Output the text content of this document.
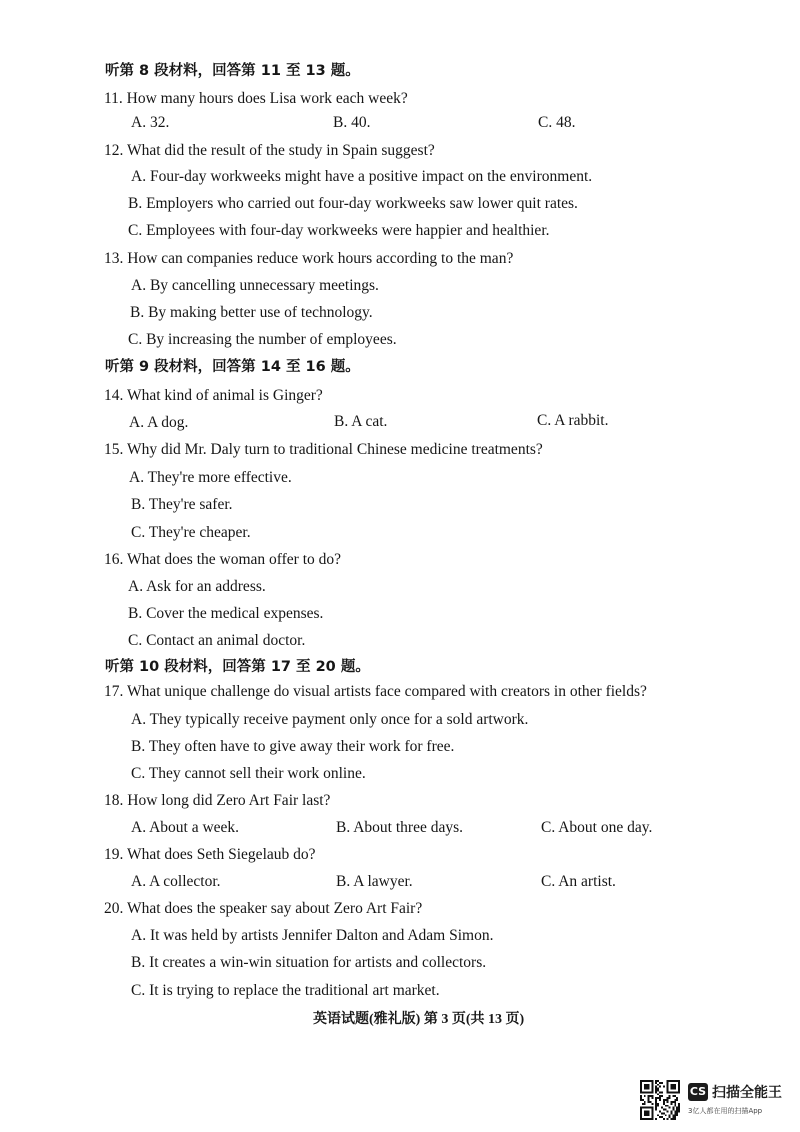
听第 8 段材料，回答第 11 至 13 题。
11. How many hours does Lisa work each week?
A. 32.	B. 40.	C. 48.
12. What did the result of the study in Spain suggest?
A. Four-day workweeks might have a positive impact on the environment.
B. Employers who carried out four-day workweeks saw lower quit rates.
C. Employees with four-day workweeks were happier and healthier.
13. How can companies reduce work hours according to the man?
A. By cancelling unnecessary meetings.
B. By making better use of technology.
C. By increasing the number of employees.
听第 9 段材料，回答第 14 至 16 题。
14. What kind of animal is Ginger?
A. A dog.	B. A cat.	C. A rabbit.
15. Why did Mr. Daly turn to traditional Chinese medicine treatments?
A. They're more effective.
B. They're safer.
C. They're cheaper.
16. What does the woman offer to do?
A. Ask for an address.
B. Cover the medical expenses.
C. Contact an animal doctor.
听第 10 段材料，回答第 17 至 20 题。
17. What unique challenge do visual artists face compared with creators in other fields?
A. They typically receive payment only once for a sold artwork.
B. They often have to give away their work for free.
C. They cannot sell their work online.
18. How long did Zero Art Fair last?
A. About a week.	B. About three days.	C. About one day.
19. What does Seth Siegelaub do?
A. A collector.	B. A lawyer.	C. An artist.
20. What does the speaker say about Zero Art Fair?
A. It was held by artists Jennifer Dalton and Adam Simon.
B. It creates a win-win situation for artists and collectors.
C. It is trying to replace the traditional art market.
英语试题(雅礼版) 第 3 页(共 13 页)
CS 扫描全能王
3亿人都在用的扫描App
